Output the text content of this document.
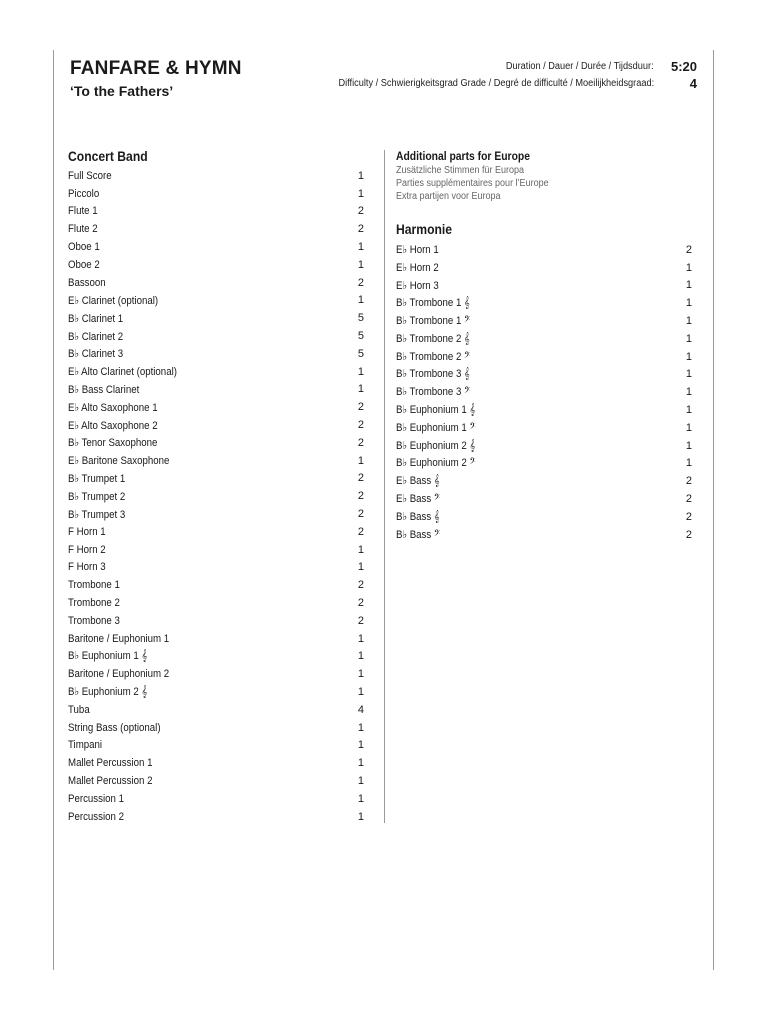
FANFARE & HYMN
‘To the Fathers’
Duration / Dauer / Durée / Tijdsduur: 5:20
Difficulty / Schwierigkeitsgrad Grade / Degré de difficulté / Moeilijkheidsgraad:	4
Concert Band
Full Score	1
Piccolo	1
Flute 1	2
Flute 2	2
Oboe 1	1
Oboe 2	1
Bassoon	2
E♭ Clarinet (optional)	1
B♭ Clarinet 1	5
B♭ Clarinet 2	5
B♭ Clarinet 3	5
E♭ Alto Clarinet (optional)	1
B♭ Bass Clarinet	1
E♭ Alto Saxophone 1	2
E♭ Alto Saxophone 2	2
B♭ Tenor Saxophone	2
E♭ Baritone Saxophone	1
B♭ Trumpet 1	2
B♭ Trumpet 2	2
B♭ Trumpet 3	2
F Horn 1	2
F Horn 2	1
F Horn 3	1
Trombone 1	2
Trombone 2	2
Trombone 3	2
Baritone / Euphonium 1	1
B♭ Euphonium 1 𝄞	1
Baritone / Euphonium 2	1
B♭ Euphonium 2 𝄞	1
Tuba	4
String Bass (optional)	1
Timpani	1
Mallet Percussion 1	1
Mallet Percussion 2	1
Percussion 1	1
Percussion 2	1
Additional parts for Europe
Zusätzliche Stimmen für Europa
Parties supplémentaires pour l’Europe
Extra partijen voor Europa
Harmonie
E♭ Horn 1	2
E♭ Horn 2	1
E♭ Horn 3	1
B♭ Trombone 1 𝄞	1
B♭ Trombone 1 𝄢	1
B♭ Trombone 2 𝄞	1
B♭ Trombone 2 𝄢	1
B♭ Trombone 3 𝄞	1
B♭ Trombone 3 𝄢	1
B♭ Euphonium 1 𝄞	1
B♭ Euphonium 1 𝄢	1
B♭ Euphonium 2 𝄞	1
B♭ Euphonium 2 𝄢	1
E♭ Bass 𝄞	2
E♭ Bass 𝄢	2
B♭ Bass 𝄞	2
B♭ Bass 𝄢	2
